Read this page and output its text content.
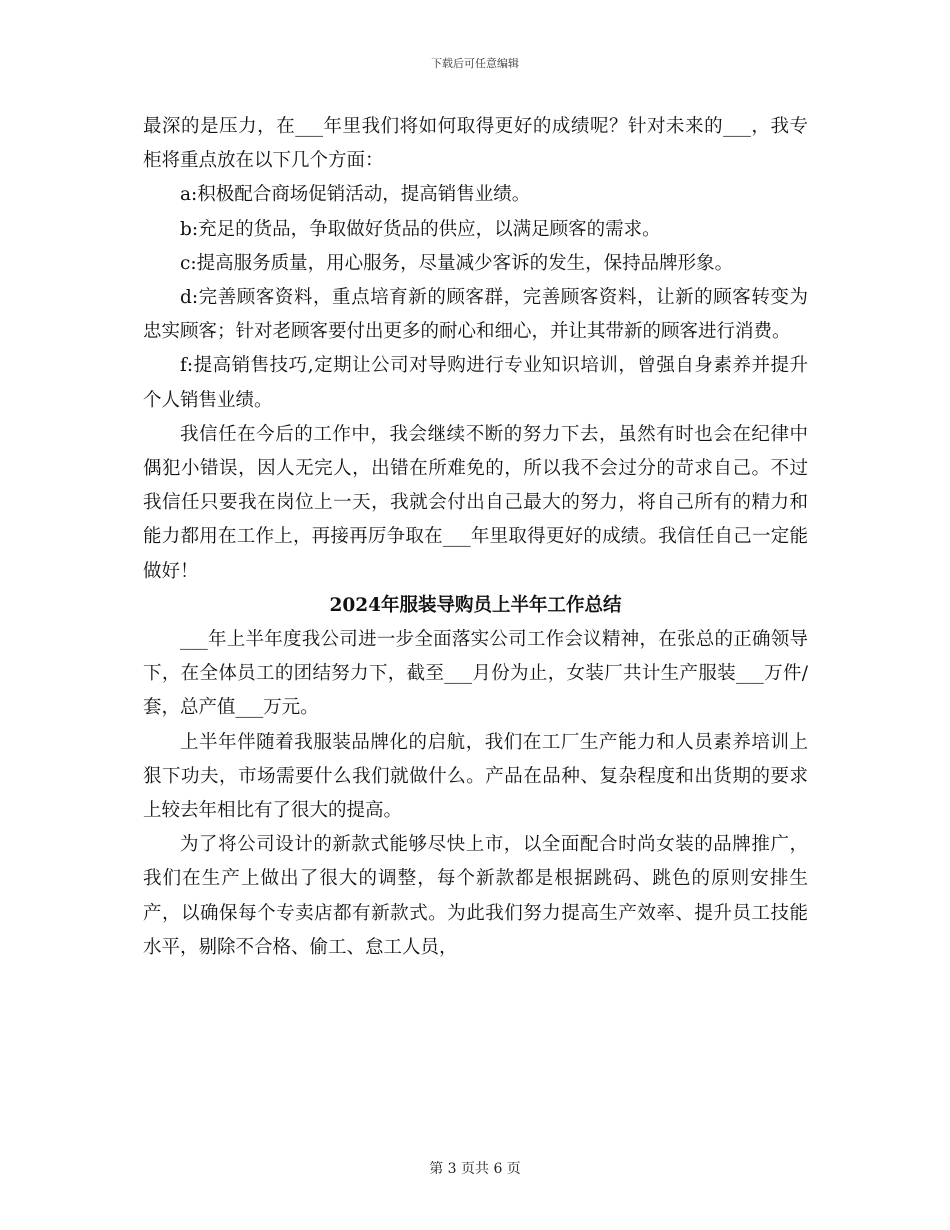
下载后可任意编辑

最深的是压力，在___年里我们将如何取得更好的成绩呢？针对未来的___，我专柜将重点放在以下几个方面：

a:积极配合商场促销活动，提高销售业绩。

b:充足的货品，争取做好货品的供应，以满足顾客的需求。

c:提高服务质量，用心服务，尽量减少客诉的发生，保持品牌形象。

d:完善顾客资料，重点培育新的顾客群，完善顾客资料，让新的顾客转变为忠实顾客；针对老顾客要付出更多的耐心和细心，并让其带新的顾客进行消费。

f:提高销售技巧,定期让公司对导购进行专业知识培训，曾强自身素养并提升个人销售业绩。

我信任在今后的工作中，我会继续不断的努力下去，虽然有时也会在纪律中偶犯小错误，因人无完人，出错在所难免的，所以我不会过分的苛求自己。不过我信任只要我在岗位上一天，我就会付出自己最大的努力，将自己所有的精力和能力都用在工作上，再接再厉争取在___年里取得更好的成绩。我信任自己一定能做好！

2024年服装导购员上半年工作总结

___年上半年度我公司进一步全面落实公司工作会议精神，在张总的正确领导下，在全体员工的团结努力下，截至___月份为止，女装厂共计生产服装___万件/套，总产值___万元。

上半年伴随着我服装品牌化的启航，我们在工厂生产能力和人员素养培训上狠下功夫，市场需要什么我们就做什么。产品在品种、复杂程度和出货期的要求上较去年相比有了很大的提高。

为了将公司设计的新款式能够尽快上市，以全面配合时尚女装的品牌推广，我们在生产上做出了很大的调整，每个新款都是根据跳码、跳色的原则安排生产，以确保每个专卖店都有新款式。为此我们努力提高生产效率、提升员工技能水平，剔除不合格、偷工、怠工人员，

第 3 页共 6 页
